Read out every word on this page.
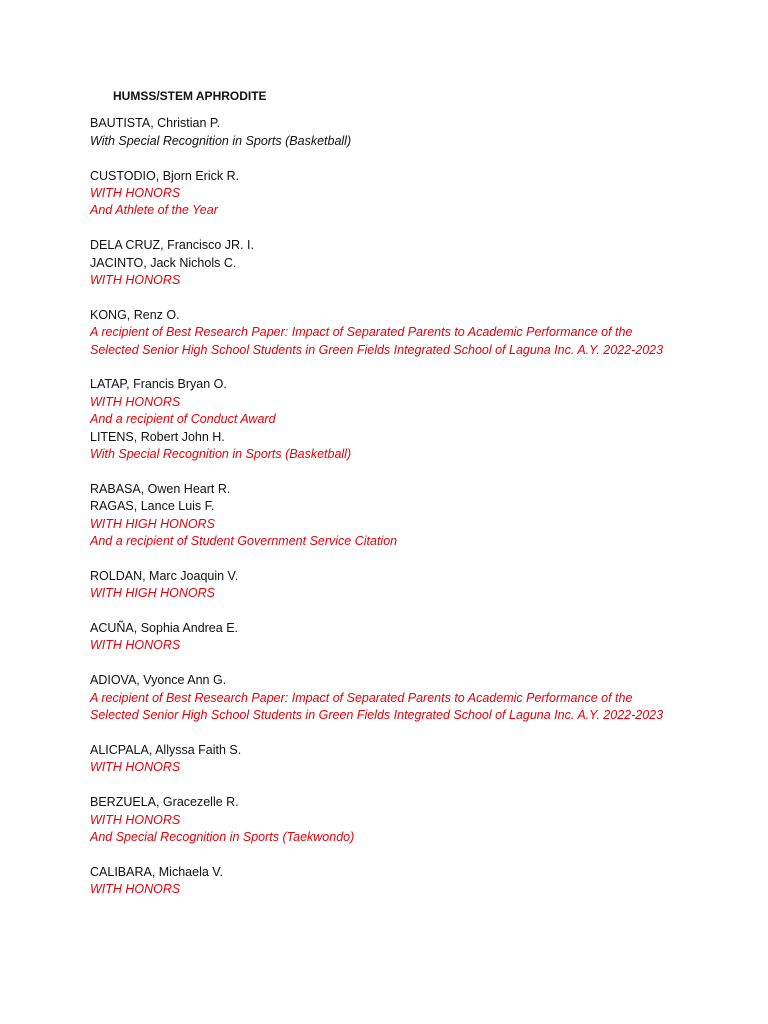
HUMSS/STEM APHRODITE
BAUTISTA, Christian P.
With Special Recognition in Sports (Basketball)
CUSTODIO, Bjorn Erick R.
WITH HONORS
And Athlete of the Year
DELA CRUZ, Francisco JR. I.
JACINTO, Jack Nichols C.
WITH HONORS
KONG, Renz O.
A recipient of Best Research Paper: Impact of Separated Parents to Academic Performance of the
Selected Senior High School Students in Green Fields Integrated School of Laguna Inc. A.Y. 2022-2023
LATAP, Francis Bryan O.
WITH HONORS
And a recipient of Conduct Award
LITENS, Robert John H.
With Special Recognition in Sports (Basketball)
RABASA, Owen Heart R.
RAGAS, Lance Luis F.
WITH HIGH HONORS
And a recipient of Student Government Service Citation
ROLDAN, Marc Joaquin V.
WITH HIGH HONORS
ACUÑA, Sophia Andrea E.
WITH HONORS
ADIOVA, Vyonce Ann G.
A recipient of Best Research Paper: Impact of Separated Parents to Academic Performance of the
Selected Senior High School Students in Green Fields Integrated School of Laguna Inc. A.Y. 2022-2023
ALICPALA, Allyssa Faith S.
WITH HONORS
BERZUELA, Gracezelle R.
WITH HONORS
And Special Recognition in Sports (Taekwondo)
CALIBARA, Michaela V.
WITH HONORS
